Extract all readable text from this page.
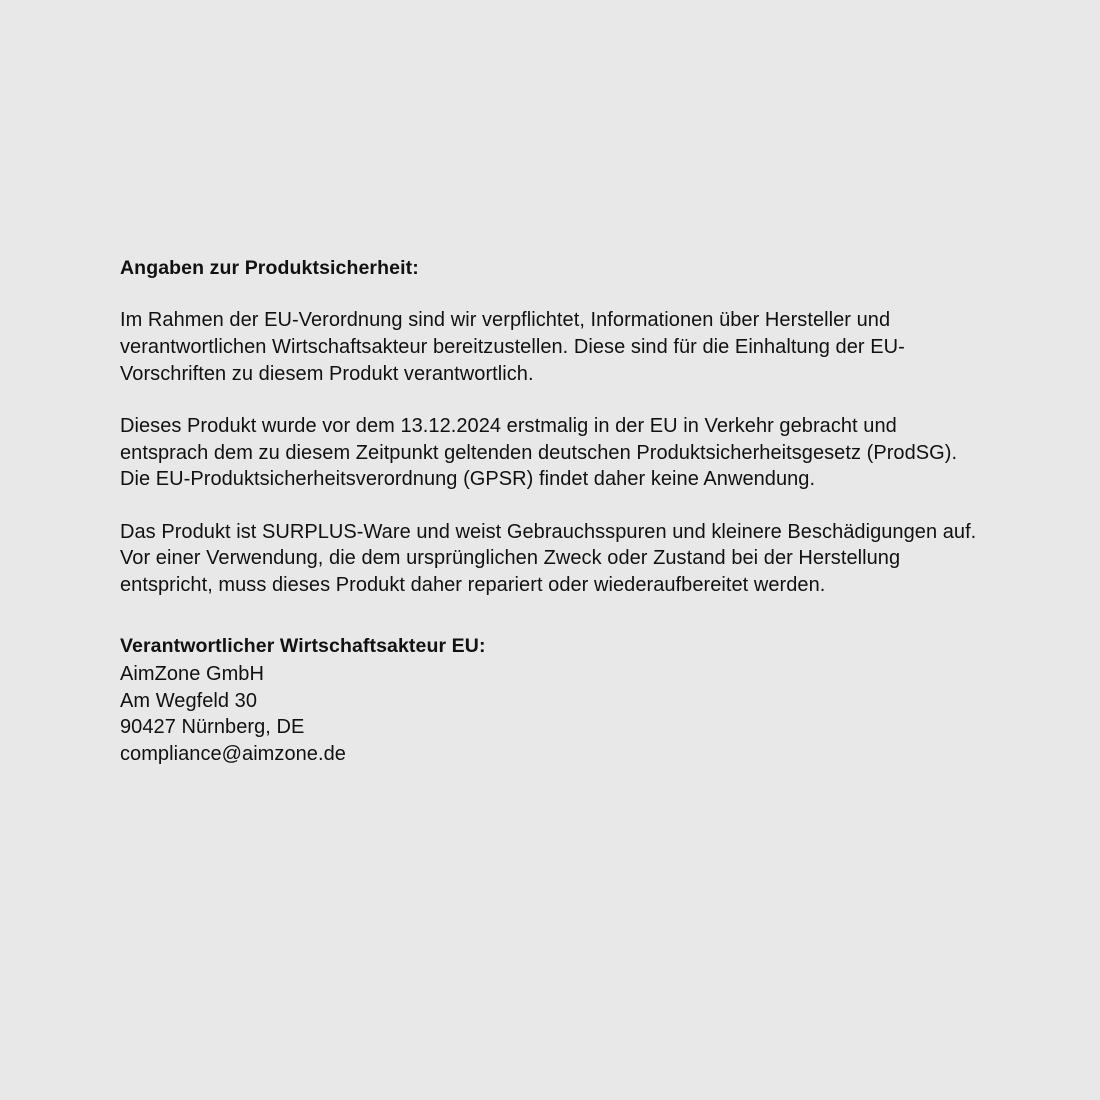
Angaben zur Produktsicherheit:

Im Rahmen der EU-Verordnung sind wir verpflichtet, Informationen über Hersteller und verantwortlichen Wirtschaftsakteur bereitzustellen. Diese sind für die Einhaltung der EU-Vorschriften zu diesem Produkt verantwortlich.

Dieses Produkt wurde vor dem 13.12.2024 erstmalig in der EU in Verkehr gebracht und entsprach dem zu diesem Zeitpunkt geltenden deutschen Produktsicherheitsgesetz (ProdSG). Die EU-Produktsicherheitsverordnung (GPSR) findet daher keine Anwendung.

Das Produkt ist SURPLUS-Ware und weist Gebrauchsspuren und kleinere Beschädigungen auf. Vor einer Verwendung, die dem ursprünglichen Zweck oder Zustand bei der Herstellung entspricht, muss dieses Produkt daher repariert oder wiederaufbereitet werden.

Verantwortlicher Wirtschaftsakteur EU:

AimZone GmbH

Am Wegfeld 30

90427 Nürnberg, DE

compliance@aimzone.de
